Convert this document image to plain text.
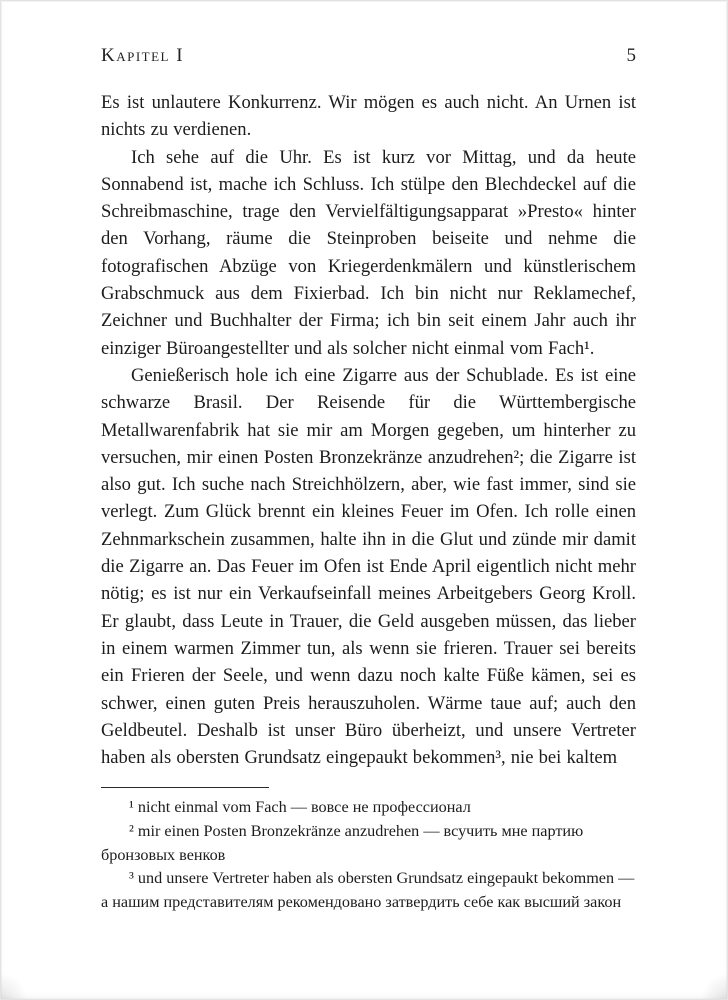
Kapitel I	5

Es ist unlautere Konkurrenz. Wir mögen es auch nicht. An Urnen ist nichts zu verdienen.

Ich sehe auf die Uhr. Es ist kurz vor Mittag, und da heute Sonnabend ist, mache ich Schluss. Ich stülpe den Blechdeckel auf die Schreibmaschine, trage den Vervielfältigungsapparat »Presto« hinter den Vorhang, räume die Steinproben beiseite und nehme die fotografischen Abzüge von Kriegerdenkmälern und künstlerischem Grabschmuck aus dem Fixierbad. Ich bin nicht nur Reklamechef, Zeichner und Buchhalter der Firma; ich bin seit einem Jahr auch ihr einziger Büroangestellter und als solcher nicht einmal vom Fach¹.

Genießerisch hole ich eine Zigarre aus der Schublade. Es ist eine schwarze Brasil. Der Reisende für die Württembergische Metallwarenfabrik hat sie mir am Morgen gegeben, um hinterher zu versuchen, mir einen Posten Bronzekränze anzudrehen²; die Zigarre ist also gut. Ich suche nach Streichhölzern, aber, wie fast immer, sind sie verlegt. Zum Glück brennt ein kleines Feuer im Ofen. Ich rolle einen Zehnmarkschein zusammen, halte ihn in die Glut und zünde mir damit die Zigarre an. Das Feuer im Ofen ist Ende April eigentlich nicht mehr nötig; es ist nur ein Verkaufseinfall meines Arbeitgebers Georg Kroll. Er glaubt, dass Leute in Trauer, die Geld ausgeben müssen, das lieber in einem warmen Zimmer tun, als wenn sie frieren. Trauer sei bereits ein Frieren der Seele, und wenn dazu noch kalte Füße kämen, sei es schwer, einen guten Preis herauszuholen. Wärme taue auf; auch den Geldbeutel. Deshalb ist unser Büro überheizt, und unsere Vertreter haben als obersten Grundsatz eingepaukt bekommen³, nie bei kaltem

¹ nicht einmal vom Fach — вовсе не профессионал

² mir einen Posten Bronzekränze anzudrehen — всучить мне партию бронзовых венков

³ und unsere Vertreter haben als obersten Grundsatz eingepaukt bekommen — а нашим представителям рекомендовано затвердить себе как высший закон
